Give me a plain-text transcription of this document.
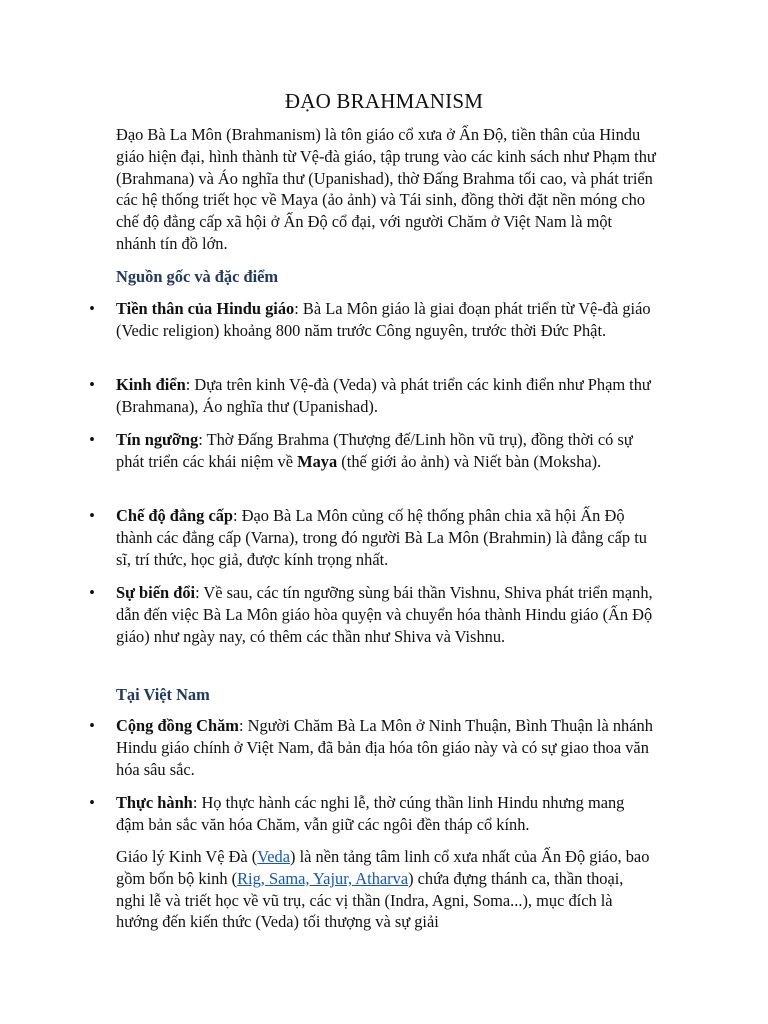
ĐẠO BRAHMANISM
Đạo Bà La Môn (Brahmanism) là tôn giáo cổ xưa ở Ấn Độ, tiền thân của Hindu giáo hiện đại, hình thành từ Vệ-đà giáo, tập trung vào các kinh sách như Phạm thư (Brahmana) và Áo nghĩa thư (Upanishad), thờ Đấng Brahma tối cao, và phát triển các hệ thống triết học về Maya (ảo ảnh) và Tái sinh, đồng thời đặt nền móng cho chế độ đẳng cấp xã hội ở Ấn Độ cổ đại, với người Chăm ở Việt Nam là một nhánh tín đồ lớn.
Nguồn gốc và đặc điểm
• Tiền thân của Hindu giáo: Bà La Môn giáo là giai đoạn phát triển từ Vệ-đà giáo (Vedic religion) khoảng 800 năm trước Công nguyên, trước thời Đức Phật.
• Kinh điển: Dựa trên kinh Vệ-đà (Veda) và phát triển các kinh điển như Phạm thư (Brahmana), Áo nghĩa thư (Upanishad).
• Tín ngưỡng: Thờ Đấng Brahma (Thượng đế/Linh hồn vũ trụ), đồng thời có sự phát triển các khái niệm về Maya (thế giới ảo ảnh) và Niết bàn (Moksha).
• Chế độ đẳng cấp: Đạo Bà La Môn củng cố hệ thống phân chia xã hội Ấn Độ thành các đẳng cấp (Varna), trong đó người Bà La Môn (Brahmin) là đẳng cấp tu sĩ, trí thức, học giả, được kính trọng nhất.
• Sự biến đổi: Về sau, các tín ngưỡng sùng bái thần Vishnu, Shiva phát triển mạnh, dẫn đến việc Bà La Môn giáo hòa quyện và chuyển hóa thành Hindu giáo (Ấn Độ giáo) như ngày nay, có thêm các thần như Shiva và Vishnu.
Tại Việt Nam
• Cộng đồng Chăm: Người Chăm Bà La Môn ở Ninh Thuận, Bình Thuận là nhánh Hindu giáo chính ở Việt Nam, đã bản địa hóa tôn giáo này và có sự giao thoa văn hóa sâu sắc.
• Thực hành: Họ thực hành các nghi lễ, thờ cúng thần linh Hindu nhưng mang đậm bản sắc văn hóa Chăm, vẫn giữ các ngôi đền tháp cổ kính.
Giáo lý Kinh Vệ Đà (Veda) là nền tảng tâm linh cổ xưa nhất của Ấn Độ giáo, bao gồm bốn bộ kinh (Rig, Sama, Yajur, Atharva) chứa đựng thánh ca, thần thoại, nghi lễ và triết học về vũ trụ, các vị thần (Indra, Agni, Soma...), mục đích là hướng đến kiến thức (Veda) tối thượng và sự giải
